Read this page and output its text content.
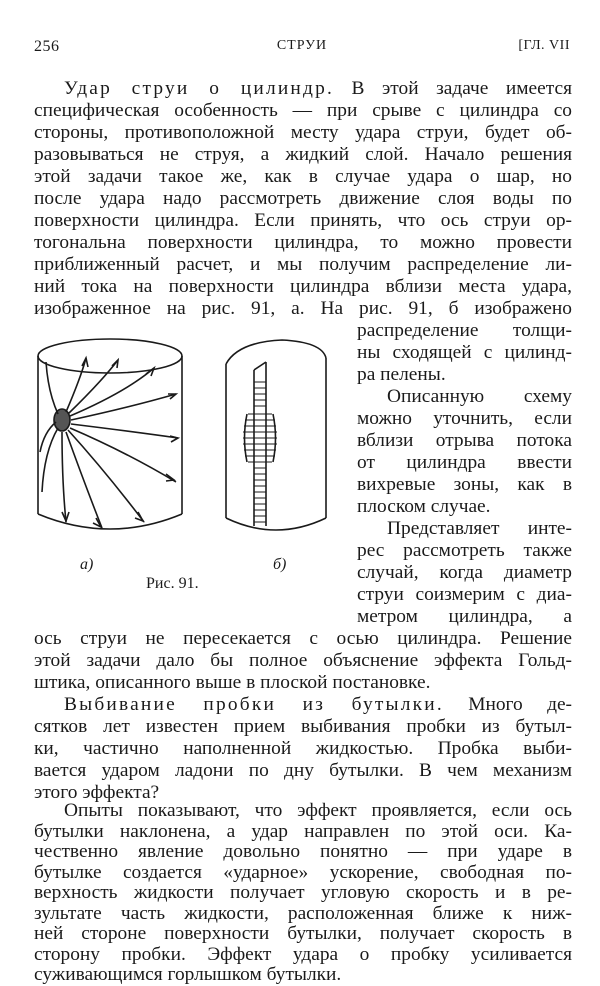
256	СТРУИ	[ГЛ. VII
Удар струи о цилиндр. В этой задаче имеется
специфическая особенность — при срыве с цилиндра со
стороны, противоположной месту удара струи, будет об-
разовываться не струя, а жидкий слой. Начало решения
этой задачи такое же, как в случае удара о шар, но
после удара надо рассмотреть движение слоя воды по
поверхности цилиндра. Если принять, что ось струи ор-
тогональна поверхности цилиндра, то можно провести
приближенный расчет, и мы получим распределение ли-
ний тока на поверхности цилиндра вблизи места удара,
изображенное на рис. 91, а. На рис. 91, б изображено
распределение толщи-
ны сходящей с цилинд-
ра пелены.
Описанную схему
можно уточнить, если
вблизи отрыва потока
от цилиндра ввести
вихревые зоны, как в
плоском случае.
Представляет инте-
рес рассмотреть также
случай, когда диаметр
струи соизмерим с диа-
метром цилиндра, а
ось струи не пересекается с осью цилиндра. Решение
этой задачи дало бы полное объяснение эффекта Гольд-
штика, описанного выше в плоской постановке.
Выбивание пробки из бутылки. Много де-
сятков лет известен прием выбивания пробки из бутыл-
ки, частично наполненной жидкостью. Пробка выби-
вается ударом ладони по дну бутылки. В чем механизм
этого эффекта?
Опыты показывают, что эффект проявляется, если ось
бутылки наклонена, а удар направлен по этой оси. Ка-
чественно явление довольно понятно — при ударе в
бутылке создается «ударное» ускорение, свободная по-
верхность жидкости получает угловую скорость и в ре-
зультате часть жидкости, расположенная ближе к ниж-
ней стороне поверхности бутылки, получает скорость в
сторону пробки. Эффект удара о пробку усиливается
а)	б)
Рис. 91.
суживающимся горлышком бутылки.
